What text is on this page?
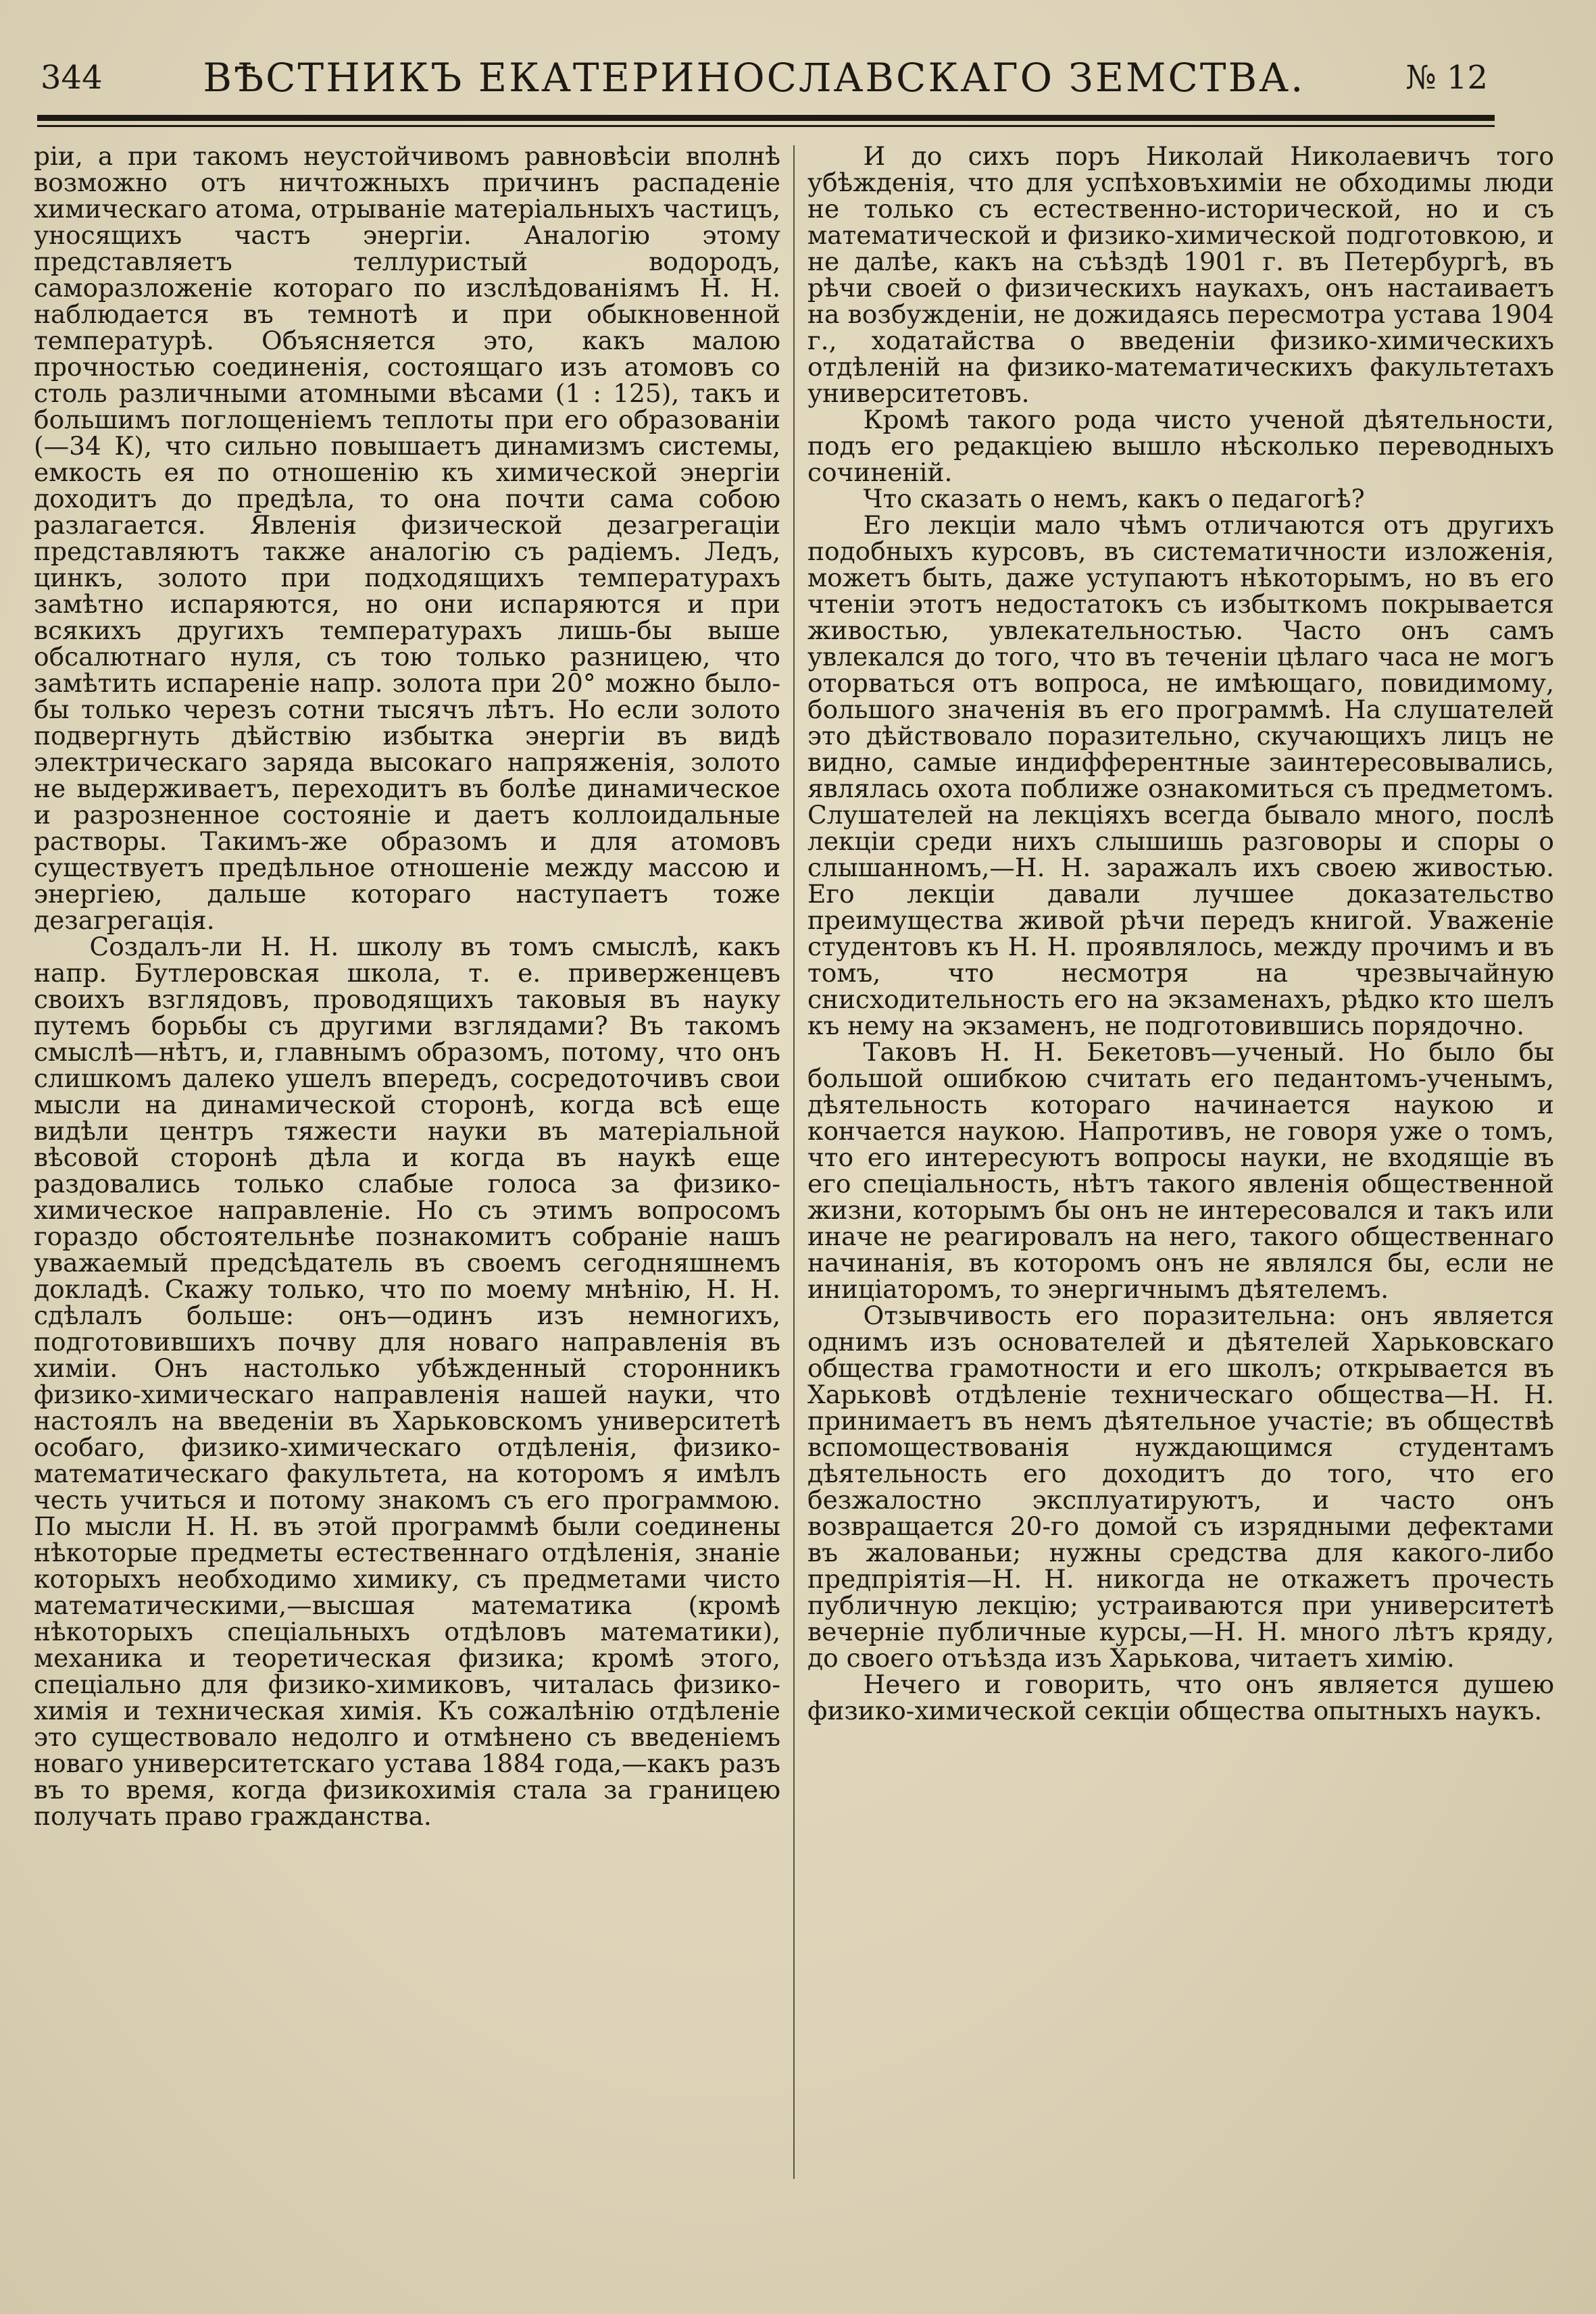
344	ВѢСТНИКЪ ЕКАТЕРИНОСЛАВСКАГО ЗЕМСТВА.	№ 12

ріи, а при такомъ неустойчивомъ равновѣсіи вполнѣ возможно отъ ничтожныхъ причинъ распаденіе химическаго атома, отрываніе матеріальныхъ частицъ, уносящихъ частъ энергіи. Аналогію этому представляетъ теллуристый водородъ, саморазложеніе котораго по изслѣдованіямъ Н. Н. наблюдается въ темнотѣ и при обыкновенной температурѣ. Объясняется это, какъ малою прочностью соединенія, состоящаго изъ атомовъ со столь различными атомными вѣсами (1 : 125), такъ и большимъ поглощеніемъ теплоты при его образованіи (—34 К), что сильно повышаетъ динамизмъ системы, емкость ея по отношенію къ химической энергіи доходитъ до предѣла, то она почти сама собою разлагается. Явленія физической дезагрегаціи представляютъ также аналогію съ радіемъ. Ледъ, цинкъ, золото при подходящихъ температурахъ замѣтно испаряются, но они испаряются и при всякихъ другихъ температурахъ лишь-бы выше обсалютнаго нуля, съ тою только разницею, что замѣтить испареніе напр. золота при 20° можно было-бы только черезъ сотни тысячъ лѣтъ. Но если золото подвергнуть дѣйствію избытка энергіи въ видѣ электрическаго заряда высокаго напряженія, золото не выдерживаетъ, переходитъ въ болѣе динамическое и разрозненное состояніе и даетъ коллоидальные растворы. Такимъ-же образомъ и для атомовъ существуетъ предѣльное отношеніе между массою и энергіею, дальше котораго наступаетъ тоже дезагрегація.

Создалъ-ли Н. Н. школу въ томъ смыслѣ, какъ напр. Бутлеровская школа, т. е. приверженцевъ своихъ взглядовъ, проводящихъ таковыя въ науку путемъ борьбы съ другими взглядами? Въ такомъ смыслѣ—нѣтъ, и, главнымъ образомъ, потому, что онъ слишкомъ далеко ушелъ впередъ, сосредоточивъ свои мысли на динамической сторонѣ, когда всѣ еще видѣли центръ тяжести науки въ матеріальной вѣсовой сторонѣ дѣла и когда въ наукѣ еще раздовались только слабые голоса за физико-химическое направленіе. Но съ этимъ вопросомъ гораздо обстоятельнѣе познакомитъ собраніе нашъ уважаемый предсѣдатель въ своемъ сегодняшнемъ докладѣ. Скажу только, что по моему мнѣнію, Н. Н. сдѣлалъ больше: онъ—одинъ изъ немногихъ, подготовившихъ почву для новаго направленія въ химіи. Онъ настолько убѣжденный сторонникъ физико-химическаго направленія нашей науки, что настоялъ на введеніи въ Харьковскомъ университетѣ особаго, физико-химическаго отдѣленія, физико-математическаго факультета, на которомъ я имѣлъ честь учиться и потому знакомъ съ его программою. По мысли Н. Н. въ этой программѣ были соединены нѣкоторые предметы естественнаго отдѣленія, знаніе которыхъ необходимо химику, съ предметами чисто математическими,—высшая математика (кромѣ нѣкоторыхъ спеціальныхъ отдѣловъ математики), механика и теоретическая физика; кромѣ этого, спеціально для физико-химиковъ, читалась физико-химія и техническая химія. Къ сожалѣнію отдѣленіе это существовало недолго и отмѣнено съ введеніемъ новаго университетскаго устава 1884 года,—какъ разъ въ то время, когда физикохимія стала за границею получать право гражданства.

И до сихъ поръ Николай Николаевичъ того убѣжденія, что для успѣховъхиміи не обходимы люди не только съ естественно-исторической, но и съ математической и физико-химической подготовкою, и не далѣе, какъ на съѣздѣ 1901 г. въ Петербургѣ, въ рѣчи своей о физическихъ наукахъ, онъ настаиваетъ на возбужденіи, не дожидаясь пересмотра устава 1904 г., ходатайства о введеніи физико-химическихъ отдѣленій на физико-математическихъ факультетахъ университетовъ.

Кромѣ такого рода чисто ученой дѣятельности, подъ его редакціею вышло нѣсколько переводныхъ сочиненій.

Что сказать о немъ, какъ о педагогѣ?

Его лекціи мало чѣмъ отличаются отъ другихъ подобныхъ курсовъ, въ систематичности изложенія, можетъ быть, даже уступаютъ нѣкоторымъ, но въ его чтеніи этотъ недостатокъ съ избыткомъ покрывается живостью, увлекательностью. Часто онъ самъ увлекался до того, что въ теченіи цѣлаго часа не могъ оторваться отъ вопроса, не имѣющаго, повидимому, большого значенія въ его программѣ. На слушателей это дѣйствовало поразительно, скучающихъ лицъ не видно, самые индифферентные заинтересовывались, являлась охота поближе ознакомиться съ предметомъ. Слушателей на лекціяхъ всегда бывало много, послѣ лекціи среди нихъ слышишь разговоры и споры о слышанномъ,—Н. Н. заражалъ ихъ своею живостью. Его лекціи давали лучшее доказательство преимущества живой рѣчи передъ книгой. Уваженіе студентовъ къ Н. Н. проявлялось, между прочимъ и въ томъ, что несмотря на чрезвычайную снисходительность его на экзаменахъ, рѣдко кто шелъ къ нему на экзаменъ, не подготовившись порядочно.

Таковъ Н. Н. Бекетовъ—ученый. Но было бы большой ошибкою считать его педантомъ-ученымъ, дѣятельность котораго начинается наукою и кончается наукою. Напротивъ, не говоря уже о томъ, что его интересуютъ вопросы науки, не входящіе въ его спеціальность, нѣтъ такого явленія общественной жизни, которымъ бы онъ не интересовался и такъ или иначе не реагировалъ на него, такого общественнаго начинанія, въ которомъ онъ не являлся бы, если не иниціаторомъ, то энергичнымъ дѣятелемъ.

Отзывчивость его поразительна: онъ является однимъ изъ основателей и дѣятелей Харьковскаго общества грамотности и его школъ; открывается въ Харьковѣ отдѣленіе техническаго общества—Н. Н. принимаетъ въ немъ дѣятельное участіе; въ обществѣ вспомоществованія нуждающимся студентамъ дѣятельность его доходитъ до того, что его безжалостно эксплуатируютъ, и часто онъ возвращается 20-го домой съ изрядными дефектами въ жалованьи; нужны средства для какого-либо предпріятія—Н. Н. никогда не откажетъ прочесть публичную лекцію; устраиваются при университетѣ вечерніе публичные курсы,—Н. Н. много лѣтъ кряду, до своего отъѣзда изъ Харькова, читаетъ химію.

Нечего и говорить, что онъ является душею физико-химической секціи общества опытныхъ наукъ.
